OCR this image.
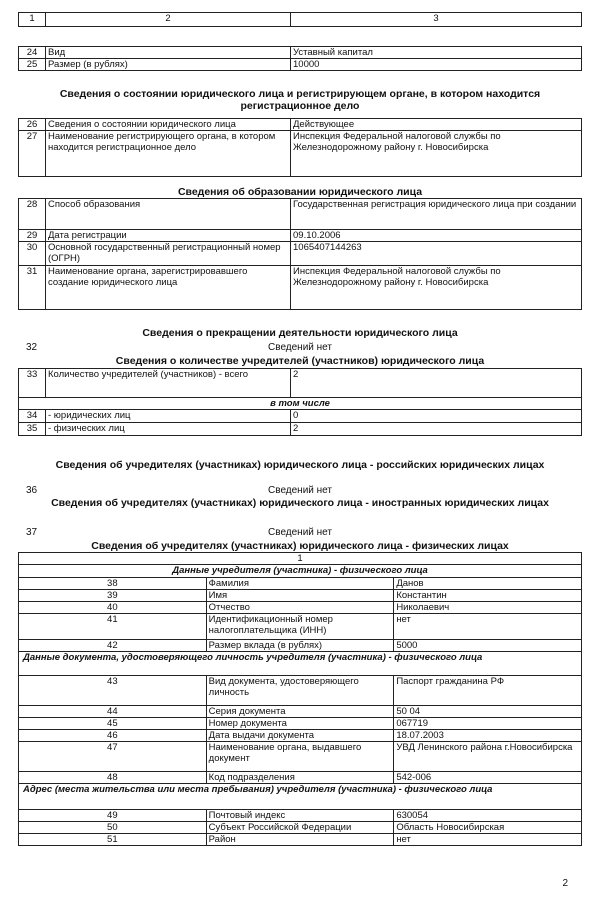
1	2	3
24	Вид	Уставный капитал
25	Размер (в рублях)	10000
Сведения о состоянии юридического лица и регистрирующем органе, в котором находится регистрационное дело
26	Сведения о состоянии юридического лица	Действующее
27	Наименование регистрирующего органа, в котором находится регистрационное дело	Инспекция Федеральной налоговой службы по Железнодорожному району г. Новосибирска
Сведения об образовании юридического лица
28	Способ образования	Государственная регистрация юридического лица при создании
29	Дата регистрации	09.10.2006
30	Основной государственный регистрационный номер (ОГРН)	1065407144263
31	Наименование органа, зарегистрировавшего создание юридического лица	Инспекция Федеральной налоговой службы по Железнодорожному району г. Новосибирска
Сведения о прекращении деятельности юридического лица
32	Сведений нет
Сведения о количестве учредителей (участников) юридического лица
33	Количество учредителей (участников) - всего	2
в том числе		
34	- юридических лиц	0
35	- физических лиц	2
Сведения об учредителях (участниках) юридического лица - российских юридических лицах
36	Сведений нет
Сведения об учредителях (участниках) юридического лица - иностранных юридических лицах
37	Сведений нет
Сведения об учредителях (участниках) юридического лица - физических лицах
1		
Данные учредителя (участника) - физического лица		
38	Фамилия	Данов
39	Имя	Константин
40	Отчество	Николаевич
41	Идентификационный номер налогоплательщика (ИНН)	нет
42	Размер вклада (в рублях)	5000
Данные документа, удостоверяющего личность учредителя (участника) - физического лица		
43	Вид документа, удостоверяющего личность	Паспорт гражданина РФ
44	Серия документа	50 04
45	Номер документа	067719
46	Дата выдачи документа	18.07.2003
47	Наименование органа, выдавшего документ	УВД Ленинского района г.Новосибирска
48	Код подразделения	542-006
Адрес (места жительства или места пребывания) учредителя (участника) - физического лица		
49	Почтовый индекс	630054
50	Субъект Российской Федерации	Область Новосибирская
51	Район	нет
2
